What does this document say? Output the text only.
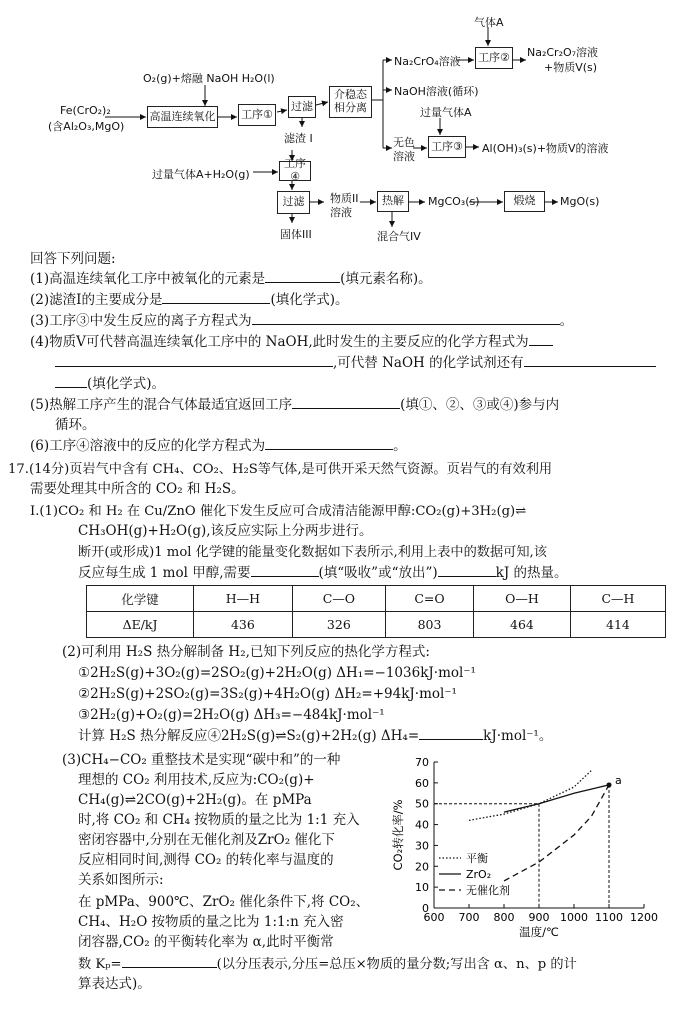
Fe(CrO₂)₂
(含Al₂O₃,MgO)
O₂(g)+熔融 NaOH H₂O(l)
高温连续氧化 工序①
过滤
介稳态相分离
气体A
Na₂CrO₄溶液 工序② Na₂Cr₂O₇溶液
+物质V(s)
NaOH溶液(循环)
过量气体A
无色
溶液
工序③ Al(OH)₃(s)+物质V的溶液
滤渣 I
过量气体A+H₂O(g)
工序④
过滤	物质II
溶液
热解	MgCO₃(s)	煅烧	MgO(s)
混合气IV
固体III
回答下列问题:
(1)高温连续氧化工序中被氧化的元素是	(填元素名称)。
(2)滤渣Ⅰ的主要成分是	(填化学式)。
(3)工序③中发生反应的离子方程式为	。
(4)物质V可代替高温连续氧化工序中的 NaOH,此时发生的主要反应的化学方程式为
,可代替 NaOH 的化学试剂还有
(填化学式)。
(5)热解工序产生的混合气体最适宜返回工序	(填①、②、③或④)参与内
循环。
(6)工序④溶液中的反应的化学方程式为	。
17.(14分)页岩气中含有 CH₄、CO₂、H₂S等气体,是可供开采天然气资源。页岩气的有效利用
需要处理其中所含的 CO₂ 和 H₂S。
Ⅰ.(1)CO₂ 和 H₂ 在 Cu/ZnO 催化下发生反应可合成清洁能源甲醇:CO₂(g)+3H₂(g)⇌
CH₃OH(g)+H₂O(g),该反应实际上分两步进行。
断开(或形成)1 mol 化学键的能量变化数据如下表所示,利用上表中的数据可知,该
反应每生成 1 mol 甲醇,需要	(填“吸收”或“放出”)	kJ 的热量。
化学键	H—H	C—O	C=O	O—H	C—H
ΔE/kJ	436	326	803	464	414
(2)可利用 H₂S 热分解制备 H₂,已知下列反应的热化学方程式:
①2H₂S(g)+3O₂(g)=2SO₂(g)+2H₂O(g) ΔH₁=−1036kJ·mol⁻¹
②2H₂S(g)+2SO₂(g)=3S₂(g)+4H₂O(g) ΔH₂=+94kJ·mol⁻¹
③2H₂(g)+O₂(g)=2H₂O(g) ΔH₃=−484kJ·mol⁻¹
计算 H₂S 热分解反应④2H₂S(g)⇌S₂(g)+2H₂(g) ΔH₄=	kJ·mol⁻¹。
(3)CH₄−CO₂ 重整技术是实现“碳中和”的一种
理想的 CO₂ 利用技术,反应为:CO₂(g)+
CH₄(g)⇌2CO(g)+2H₂(g)。在 pMPa
时,将 CO₂ 和 CH₄ 按物质的量之比为 1:1 充入
密闭容器中,分别在无催化剂及ZrO₂ 催化下
反应相同时间,测得 CO₂ 的转化率与温度的
关系如图所示:
在 pMPa、900℃、ZrO₂ 催化条件下,将 CO₂、
CH₄、H₂O 按物质的量之比为 1:1:n 充入密
闭容器,CO₂ 的平衡转化率为 α,此时平衡常
数 Kₚ=	(以分压表示,分压=总压×物质的量分数;写出含 α、n、p 的计
算表达式)。
600 700 800 900 1000 1100 1200
0
10
20
30
40
50
60
70
温度/℃
CO₂转化率/%
a
平衡
ZrO₂
无催化剂
